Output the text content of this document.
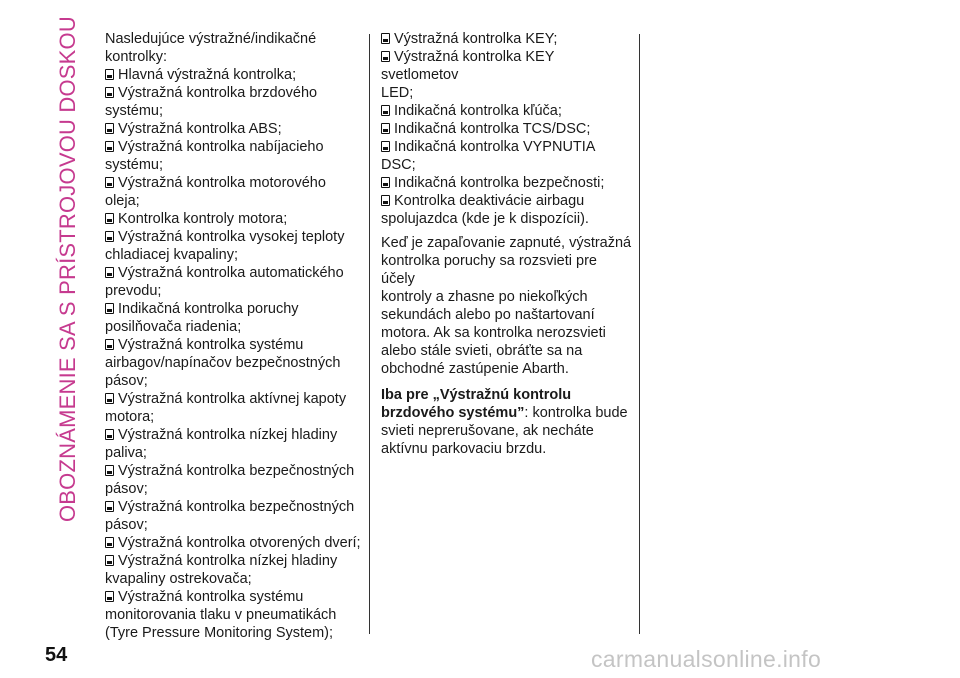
OBOZNÁMENIE SA S PRÍSTROJOVOU DOSKOU Nasledujúce výstražné/indikačné

kontrolky:

Hlavná výstražná kontrolka;

Výstražná kontrolka brzdového

systému;

Výstražná kontrolka ABS;

Výstražná kontrolka nabíjacieho

systému;

Výstražná kontrolka motorového

oleja;

Kontrolka kontroly motora;

Výstražná kontrolka vysokej teploty

chladiacej kvapaliny;

Výstražná kontrolka automatického

prevodu;

Indikačná kontrolka poruchy

posilňovača riadenia;

Výstražná kontrolka systému

airbagov/napínačov bezpečnostných

pásov;

Výstražná kontrolka aktívnej kapoty

motora;

Výstražná kontrolka nízkej hladiny

paliva;

Výstražná kontrolka bezpečnostných

pásov;

Výstražná kontrolka bezpečnostných

pásov;

Výstražná kontrolka otvorených dverí;

Výstražná kontrolka nízkej hladiny

kvapaliny ostrekovača;

Výstražná kontrolka systému

monitorovania tlaku v pneumatikách

(Tyre Pressure Monitoring System);

Výstražná kontrolka KEY;

Výstražná kontrolka KEY svetlometov

LED;

Indikačná kontrolka kľúča;

Indikačná kontrolka TCS/DSC;

Indikačná kontrolka VYPNUTIA DSC;

Indikačná kontrolka bezpečnosti;

Kontrolka deaktivácie airbagu

spolujazdca (kde je k dispozícii).

Keď je zapaľovanie zapnuté, výstražná

kontrolka poruchy sa rozsvieti pre účely

kontroly a zhasne po niekoľkých

sekundách alebo po naštartovaní

motora. Ak sa kontrolka nerozsvieti

alebo stále svieti, obráťte sa na

obchodné zastúpenie Abarth.

Iba pre „Výstražnú kontrolu

brzdového systému”: kontrolka bude

svieti neprerušovane, ak necháte

aktívnu parkovaciu brzdu.

54	carmanualsonline.info
